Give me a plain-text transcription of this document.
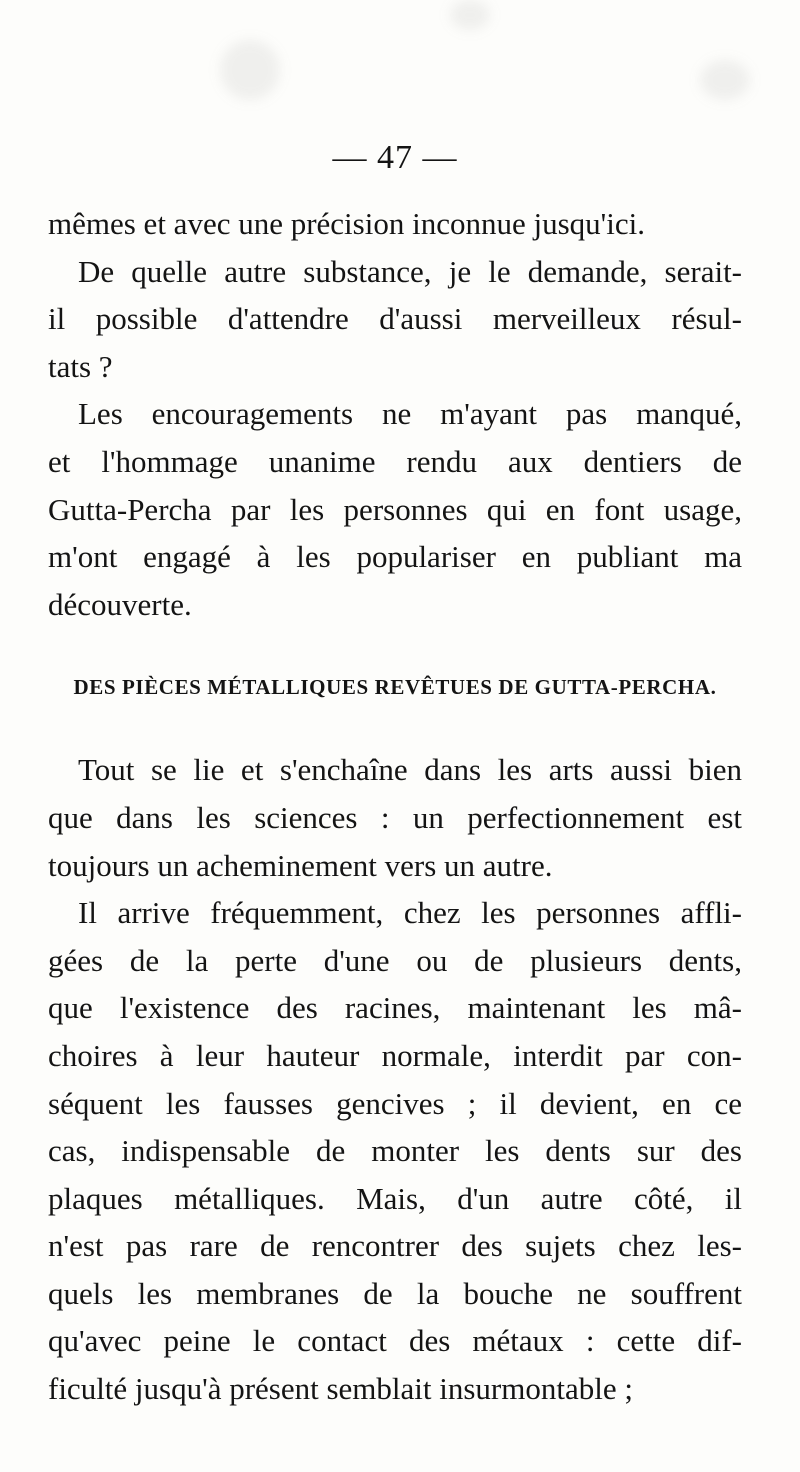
— 47 —

mêmes et avec une précision inconnue jusqu'ici.

De quelle autre substance, je le demande, serait-
il possible d'attendre d'aussi merveilleux résul-
tats ?

Les encouragements ne m'ayant pas manqué,
et l'hommage unanime rendu aux dentiers de
Gutta-Percha par les personnes qui en font usage,
m'ont engagé à les populariser en publiant ma
découverte.

DES PIÈCES MÉTALLIQUES REVÊTUES DE GUTTA-PERCHA.

Tout se lie et s'enchaîne dans les arts aussi bien
que dans les sciences : un perfectionnement est
toujours un acheminement vers un autre.

Il arrive fréquemment, chez les personnes affli-
gées de la perte d'une ou de plusieurs dents,
que l'existence des racines, maintenant les mâ-
choires à leur hauteur normale, interdit par con-
séquent les fausses gencives ; il devient, en ce
cas, indispensable de monter les dents sur des
plaques métalliques. Mais, d'un autre côté, il
n'est pas rare de rencontrer des sujets chez les-
quels les membranes de la bouche ne souffrent
qu'avec peine le contact des métaux : cette dif-
ficulté jusqu'à présent semblait insurmontable ;
